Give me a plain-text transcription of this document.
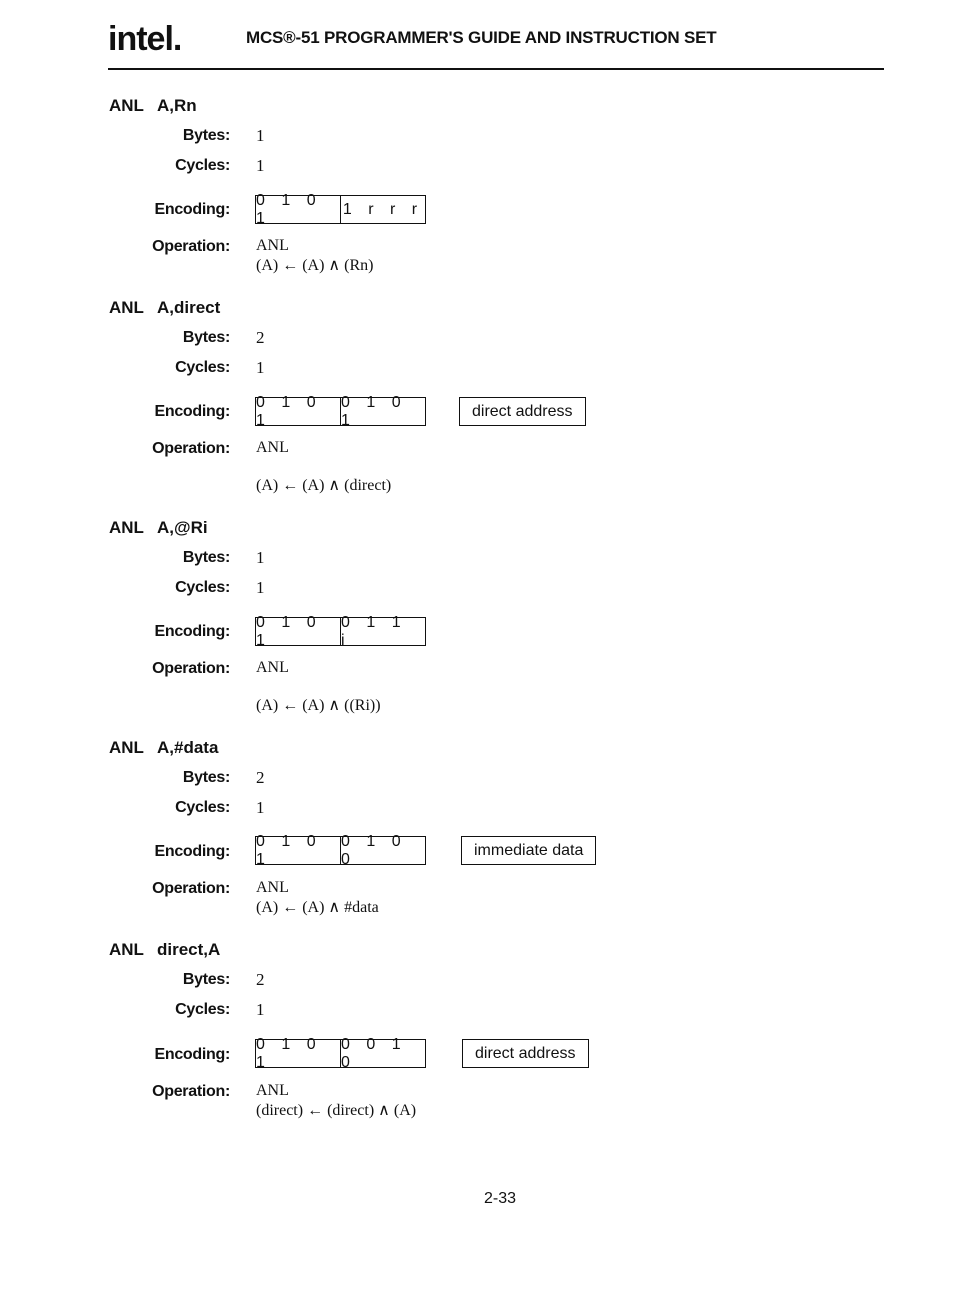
intel.	MCS®-51 PROGRAMMER'S GUIDE AND INSTRUCTION SET
ANL A,Rn
Bytes: 1
Cycles: 1
Encoding:
0 1 0 1
1 r r r
Operation: ANL
(A) ← (A) ∧ (Rn)
ANL A,direct
Bytes: 2
Cycles: 1
Encoding:
0 1 0 1
0 1 0 1
direct address
Operation: ANL
(A) ← (A) ∧ (direct)
ANL A,@Ri
Bytes: 1
Cycles: 1
Encoding:
0 1 0 1
0 1 1 i
Operation: ANL
(A) ← (A) ∧ ((Ri))
ANL A,#data
Bytes: 2
Cycles: 1
Encoding:
0 1 0 1
0 1 0 0
immediate data
Operation: ANL
(A) ← (A) ∧ #data
ANL direct,A
Bytes: 2
Cycles: 1
Encoding:
0 1 0 1
0 0 1 0
direct address
Operation: ANL
(direct) ← (direct) ∧ (A)
2-33
